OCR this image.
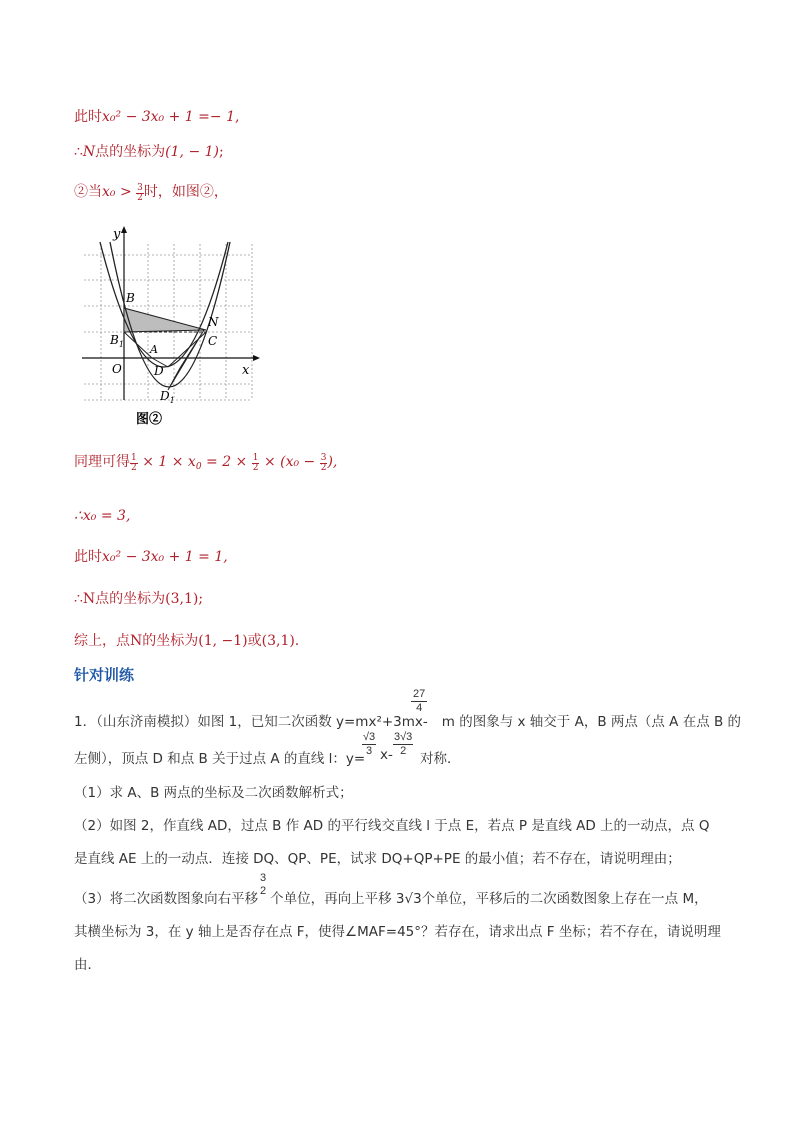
此时x₀² − 3x₀ + 1 =− 1,
∴N点的坐标为(1, − 1);
②当$x_0 > \frac{3}{2}$ 时，如图②，
y
x
O
B
$B_1$ A
D
$D_1$
N
C
图②
同理可得 $\frac{1}{2} \times 1 \times x_0 = 2 \times \frac{1}{2} \times (x_0 - \frac{3}{2}$ ),
∴x₀ = 3,
此时x₀² − 3x₀ + 1 = 1,
∴N点的坐标为(3,1);
综上，点N的坐标为(1, −1)或(3,1).
针对训练
$\frac{27}{4}$
1．（山东济南模拟）如图 1，已知二次函数 y=mx²+3mx- m 的图象与 x 轴交于 A，B 两点（点 A 在点 B 的
左侧），顶点 D 和点 B 关于过点 A 的直线 l：y=
$\frac{√3}{3} x- \frac{3√3}{2}$
对称．
（1）求 A、B 两点的坐标及二次函数解析式；
（2）如图 2，作直线 AD，过点 B 作 AD 的平行线交直线 l 于点 E，若点 P 是直线 AD 上的一动点，点 Q
是直线 AE 上的一动点．连接 DQ、QP、PE，试求 DQ+QP+PE 的最小值；若不存在，请说明理由；
3
2
（3）将二次函数图象向右平移 个单位，再向上平移 3√3个单位，平移后的二次函数图象上存在一点 M，
其横坐标为 3，在 y 轴上是否存在点 F，使得∠MAF=45°？若存在，请求出点 F 坐标；若不存在，请说明理
由．
